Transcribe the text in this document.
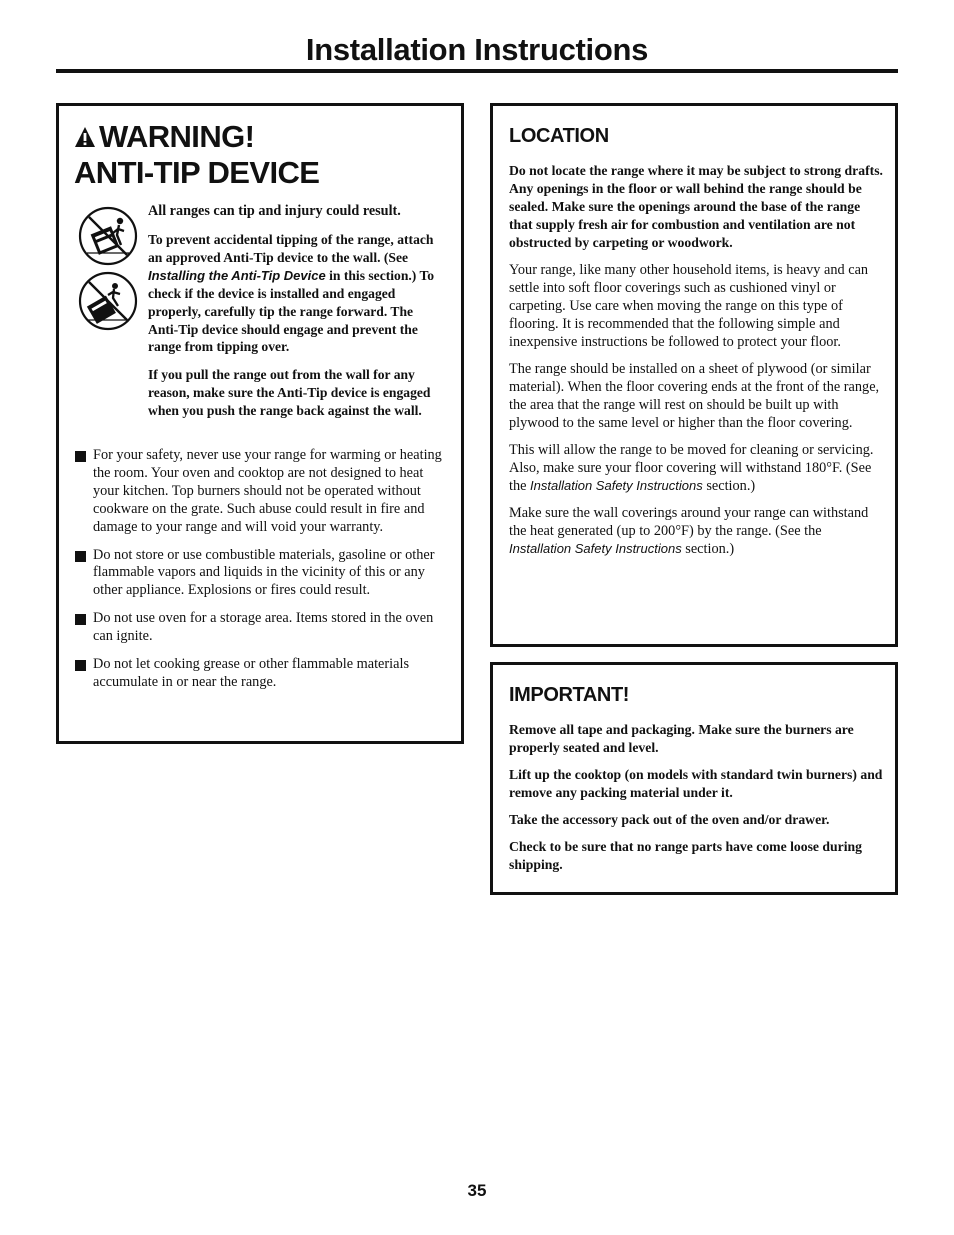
Installation Instructions
WARNING!
ANTI-TIP DEVICE

All ranges can tip and injury could result.

To prevent accidental tipping of the range, attach an approved Anti-Tip device to the wall. (See Installing the Anti-Tip Device in this section.) To check if the device is installed and engaged properly, carefully tip the range forward. The Anti-Tip device should engage and prevent the range from tipping over.

If you pull the range out from the wall for any reason, make sure the Anti-Tip device is engaged when you push the range back against the wall.

For your safety, never use your range for warming or heating the room. Your oven and cooktop are not designed to heat your kitchen. Top burners should not be operated without cookware on the grate. Such abuse could result in fire and damage to your range and will void your warranty.
Do not store or use combustible materials, gasoline or other flammable vapors and liquids in the vicinity of this or any other appliance. Explosions or fires could result.
Do not use oven for a storage area. Items stored in the oven can ignite.
Do not let cooking grease or other flammable materials accumulate in or near the range.
LOCATION

Do not locate the range where it may be subject to strong drafts. Any openings in the floor or wall behind the range should be sealed. Make sure the openings around the base of the range that supply fresh air for combustion and ventilation are not obstructed by carpeting or woodwork.

Your range, like many other household items, is heavy and can settle into soft floor coverings such as cushioned vinyl or carpeting. Use care when moving the range on this type of flooring. It is recommended that the following simple and inexpensive instructions be followed to protect your floor.

The range should be installed on a sheet of plywood (or similar material). When the floor covering ends at the front of the range, the area that the range will rest on should be built up with plywood to the same level or higher than the floor covering.

This will allow the range to be moved for cleaning or servicing. Also, make sure your floor covering will withstand 180°F. (See the Installation Safety Instructions section.)

Make sure the wall coverings around your range can withstand the heat generated (up to 200°F) by the range. (See the Installation Safety Instructions section.)

IMPORTANT!

Remove all tape and packaging. Make sure the burners are properly seated and level.

Lift up the cooktop (on models with standard twin burners) and remove any packing material under it.

Take the accessory pack out of the oven and/or drawer.

Check to be sure that no range parts have come loose during shipping.

35
